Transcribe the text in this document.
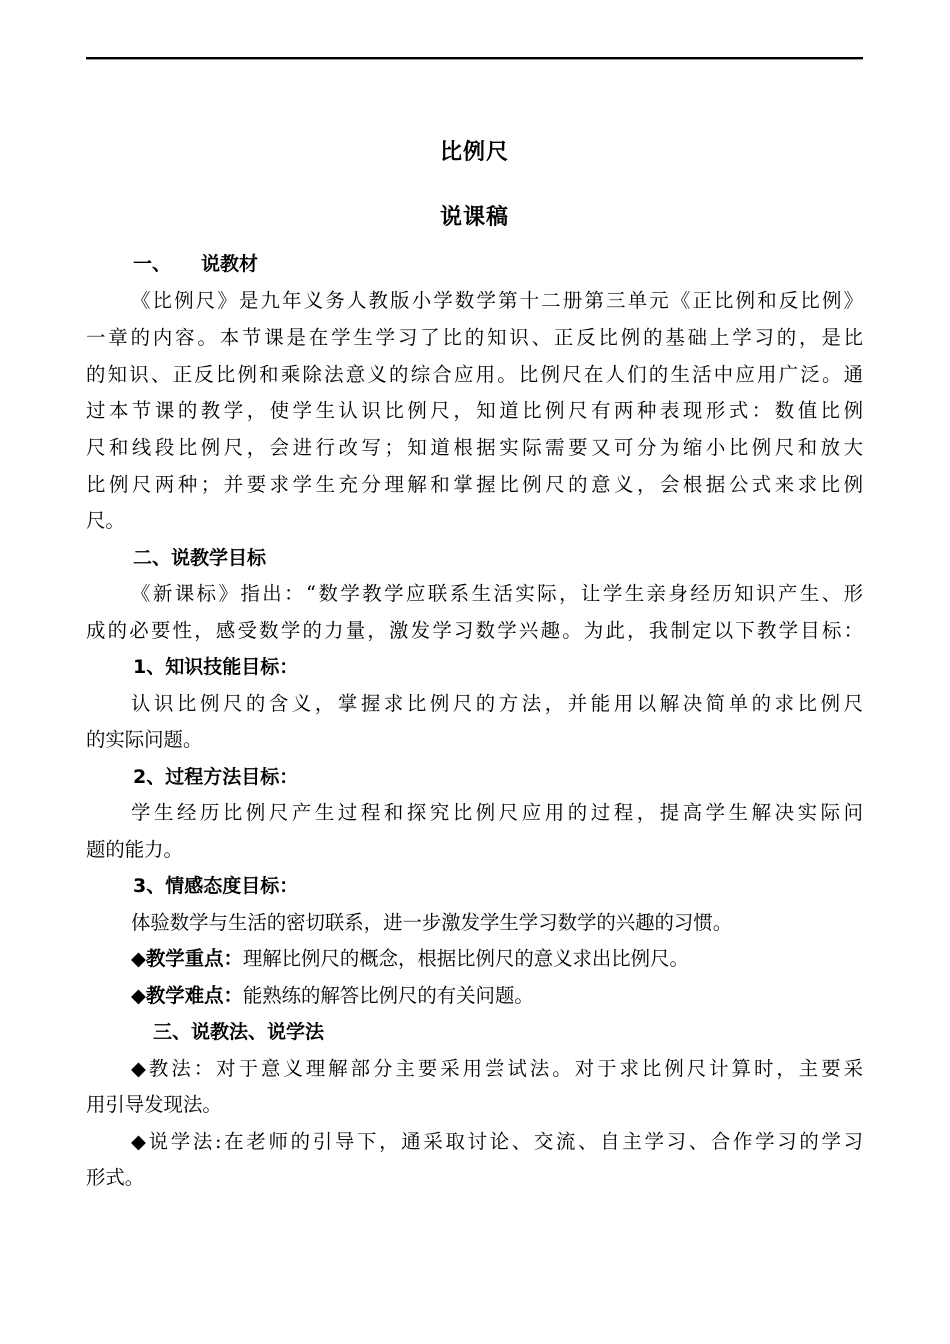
比例尺
说课稿
一、 说教材
《比例尺》是九年义务人教版小学数学第十二册第三单元《正比例和反比例》
一章的内容。本节课是在学生学习了比的知识、正反比例的基础上学习的，是比
的知识、正反比例和乘除法意义的综合应用。比例尺在人们的生活中应用广泛。通
过本节课的教学，使学生认识比例尺，知道比例尺有两种表现形式：数值比例
尺和线段比例尺，会进行改写；知道根据实际需要又可分为缩小比例尺和放大
比例尺两种；并要求学生充分理解和掌握比例尺的意义，会根据公式来求比例
尺。
二、说教学目标
《新课标》指出：“数学教学应联系生活实际，让学生亲身经历知识产生、形
成的必要性，感受数学的力量，激发学习数学兴趣。为此，我制定以下教学目标：
1、知识技能目标：
认识比例尺的含义，掌握求比例尺的方法，并能用以解决简单的求比例尺
的实际问题。
2、过程方法目标：
学生经历比例尺产生过程和探究比例尺应用的过程，提高学生解决实际问
题的能力。
3、情感态度目标：
体验数学与生活的密切联系，进一步激发学生学习数学的兴趣的习惯。
◆教学重点：理解比例尺的概念，根据比例尺的意义求出比例尺。
◆教学难点：能熟练的解答比例尺的有关问题。
三、说教法、说学法
◆教法：对于意义理解部分主要采用尝试法。对于求比例尺计算时，主要采
用引导发现法。
◆说学法:在老师的引导下，通采取讨论、交流、自主学习、合作学习的学习
形式。
